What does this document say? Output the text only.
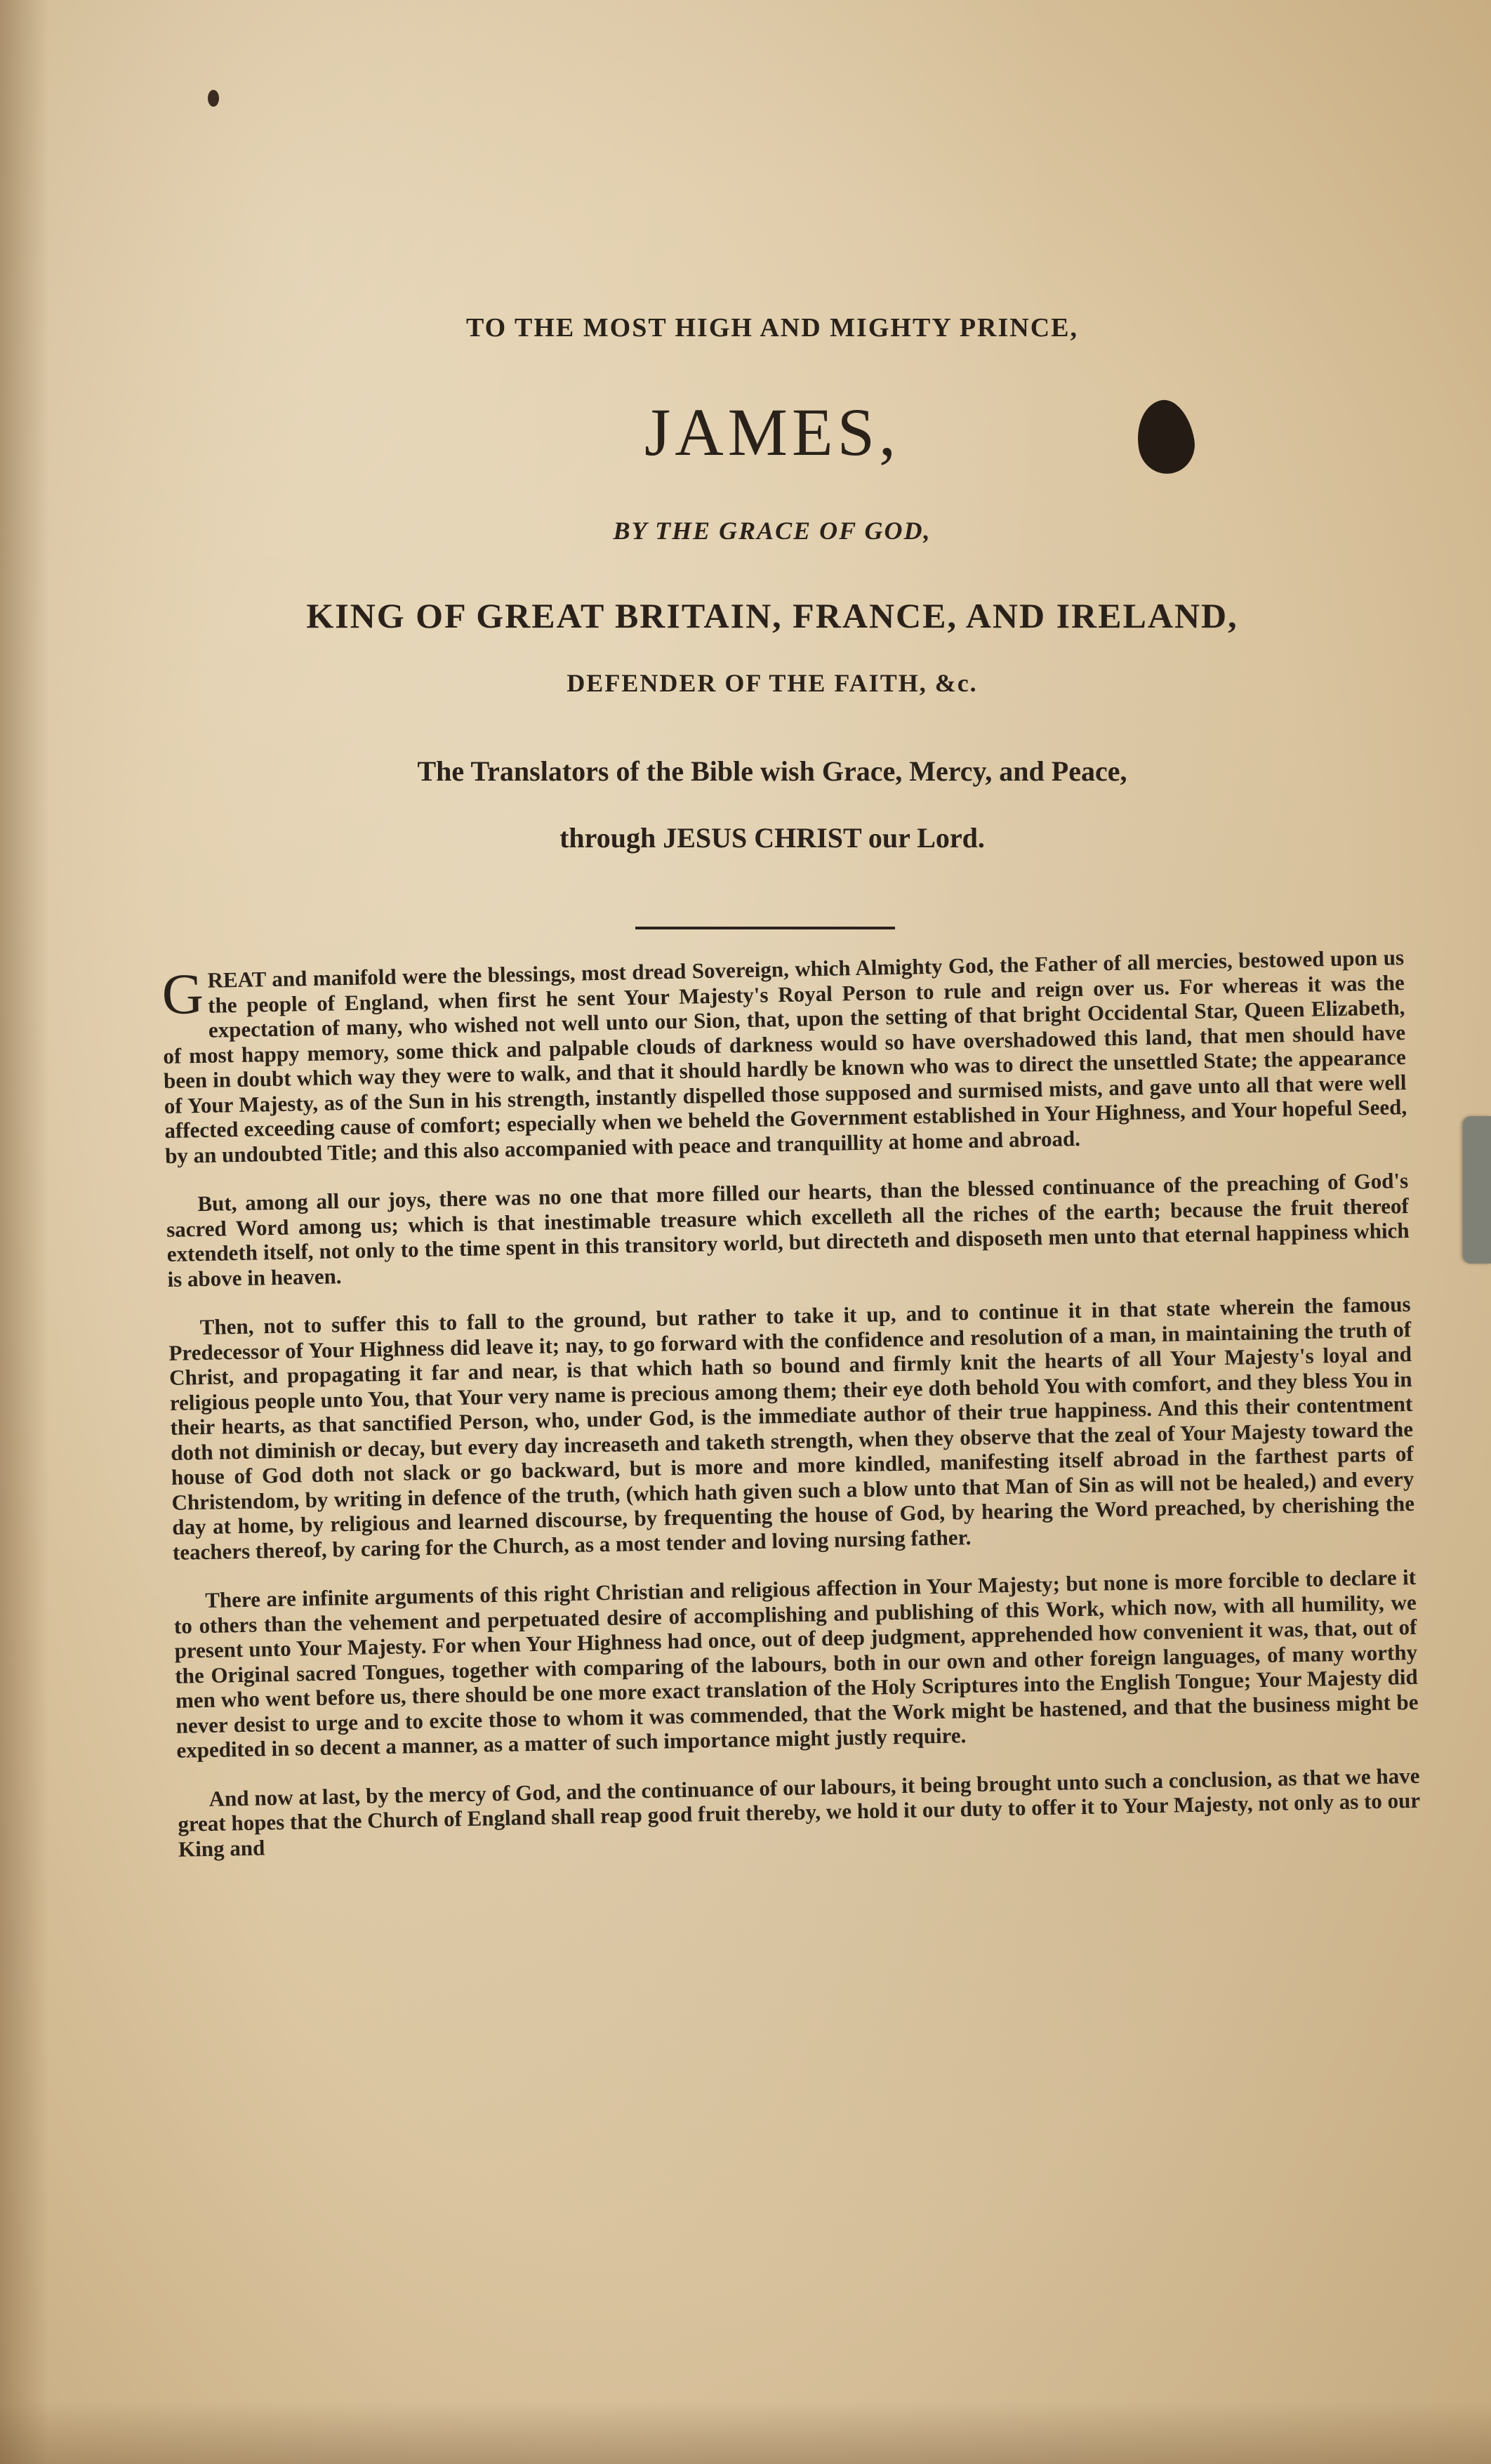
TO THE MOST HIGH AND MIGHTY PRINCE,
JAMES,
BY THE GRACE OF GOD,
KING OF GREAT BRITAIN, FRANCE, AND IRELAND,
DEFENDER OF THE FAITH, &c.
The Translators of the Bible wish Grace, Mercy, and Peace,
through JESUS CHRIST our Lord.

GREAT and manifold were the blessings, most dread Sovereign, which Almighty God, the Father of all mercies, bestowed upon us the people of England, when first he sent Your Majesty's Royal Person to rule and reign over us. For whereas it was the expectation of many, who wished not well unto our Sion, that, upon the setting of that bright Occidental Star, Queen Elizabeth, of most happy memory, some thick and palpable clouds of darkness would so have overshadowed this land, that men should have been in doubt which way they were to walk, and that it should hardly be known who was to direct the unsettled State; the appearance of Your Majesty, as of the Sun in his strength, instantly dispelled those supposed and surmised mists, and gave unto all that were well affected exceeding cause of comfort; especially when we beheld the Government established in Your Highness, and Your hopeful Seed, by an undoubted Title; and this also accompanied with peace and tranquillity at home and abroad.

But, among all our joys, there was no one that more filled our hearts, than the blessed continuance of the preaching of God's sacred Word among us; which is that inestimable treasure which excelleth all the riches of the earth; because the fruit thereof extendeth itself, not only to the time spent in this transitory world, but directeth and disposeth men unto that eternal happiness which is above in heaven.

Then, not to suffer this to fall to the ground, but rather to take it up, and to continue it in that state wherein the famous Predecessor of Your Highness did leave it; nay, to go forward with the confidence and resolution of a man, in maintaining the truth of Christ, and propagating it far and near, is that which hath so bound and firmly knit the hearts of all Your Majesty's loyal and religious people unto You, that Your very name is precious among them; their eye doth behold You with comfort, and they bless You in their hearts, as that sanctified Person, who, under God, is the immediate author of their true happiness. And this their contentment doth not diminish or decay, but every day increaseth and taketh strength, when they observe that the zeal of Your Majesty toward the house of God doth not slack or go backward, but is more and more kindled, manifesting itself abroad in the farthest parts of Christendom, by writing in defence of the truth, (which hath given such a blow unto that Man of Sin as will not be healed,) and every day at home, by religious and learned discourse, by frequenting the house of God, by hearing the Word preached, by cherishing the teachers thereof, by caring for the Church, as a most tender and loving nursing father.

There are infinite arguments of this right Christian and religious affection in Your Majesty; but none is more forcible to declare it to others than the vehement and perpetuated desire of accomplishing and publishing of this Work, which now, with all humility, we present unto Your Majesty. For when Your Highness had once, out of deep judgment, apprehended how convenient it was, that, out of the Original sacred Tongues, together with comparing of the labours, both in our own and other foreign languages, of many worthy men who went before us, there should be one more exact translation of the Holy Scriptures into the English Tongue; Your Majesty did never desist to urge and to excite those to whom it was commended, that the Work might be hastened, and that the business might be expedited in so decent a manner, as a matter of such importance might justly require.

And now at last, by the mercy of God, and the continuance of our labours, it being brought unto such a conclusion, as that we have great hopes that the Church of England shall reap good fruit thereby, we hold it our duty to offer it to Your Majesty, not only as to our King and
